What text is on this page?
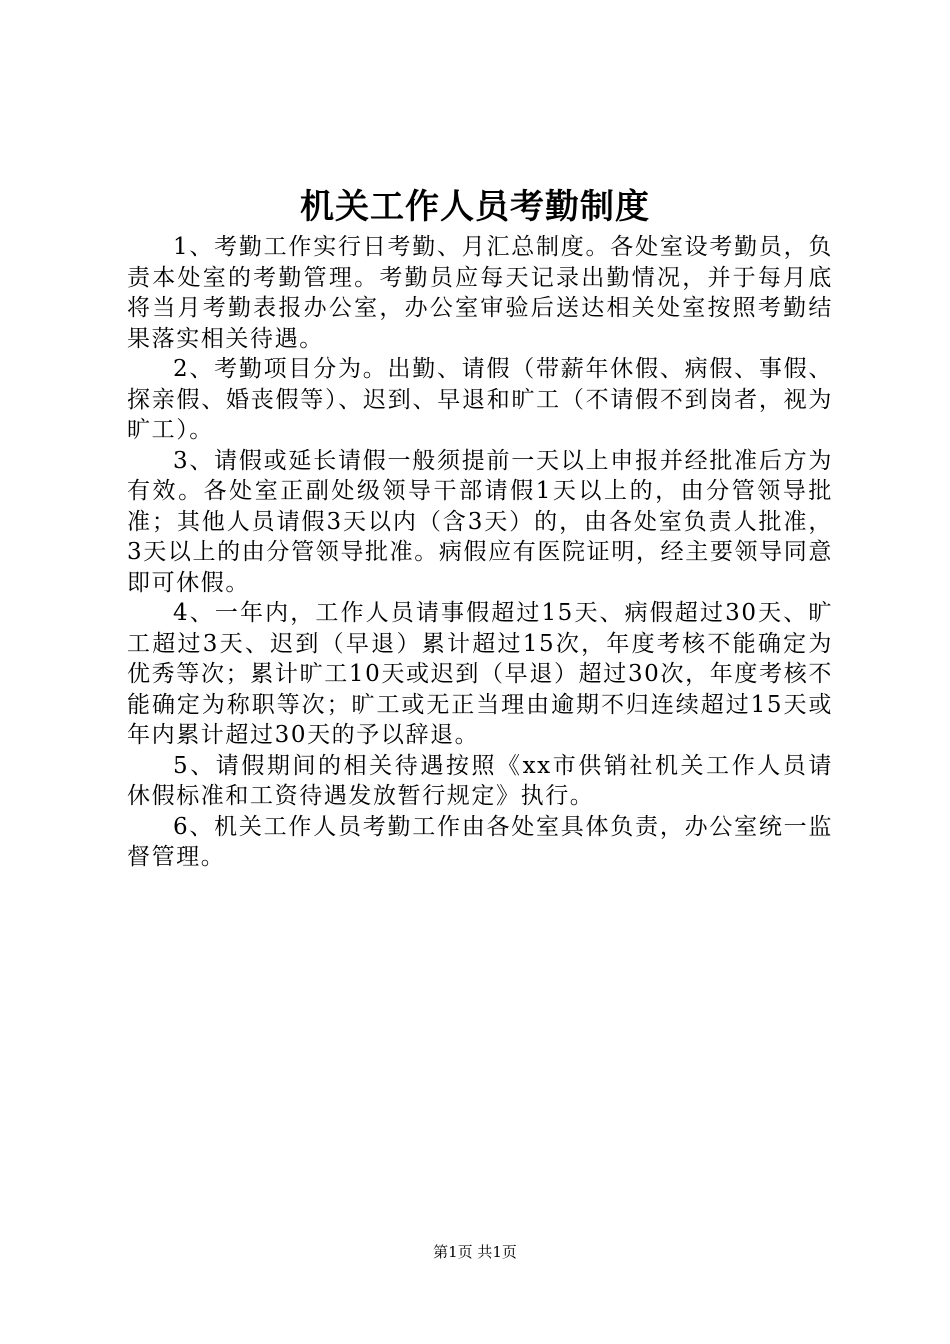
机关工作人员考勤制度

1、考勤工作实行日考勤、月汇总制度。各处室设考勤员，负责本处室的考勤管理。考勤员应每天记录出勤情况，并于每月底将当月考勤表报办公室，办公室审验后送达相关处室按照考勤结果落实相关待遇。

2、考勤项目分为。出勤、请假（带薪年休假、病假、事假、探亲假、婚丧假等）、迟到、早退和旷工（不请假不到岗者，视为旷工）。

3、请假或延长请假一般须提前一天以上申报并经批准后方为有效。各处室正副处级领导干部请假1天以上的，由分管领导批准；其他人员请假3天以内（含3天）的，由各处室负责人批准，3天以上的由分管领导批准。病假应有医院证明，经主要领导同意即可休假。

4、一年内，工作人员请事假超过15天、病假超过30天、旷工超过3天、迟到（早退）累计超过15次，年度考核不能确定为优秀等次；累计旷工10天或迟到（早退）超过30次，年度考核不能确定为称职等次；旷工或无正当理由逾期不归连续超过15天或年内累计超过30天的予以辞退。

5、请假期间的相关待遇按照《xx市供销社机关工作人员请休假标准和工资待遇发放暂行规定》执行。

6、机关工作人员考勤工作由各处室具体负责，办公室统一监督管理。

第1页 共1页
